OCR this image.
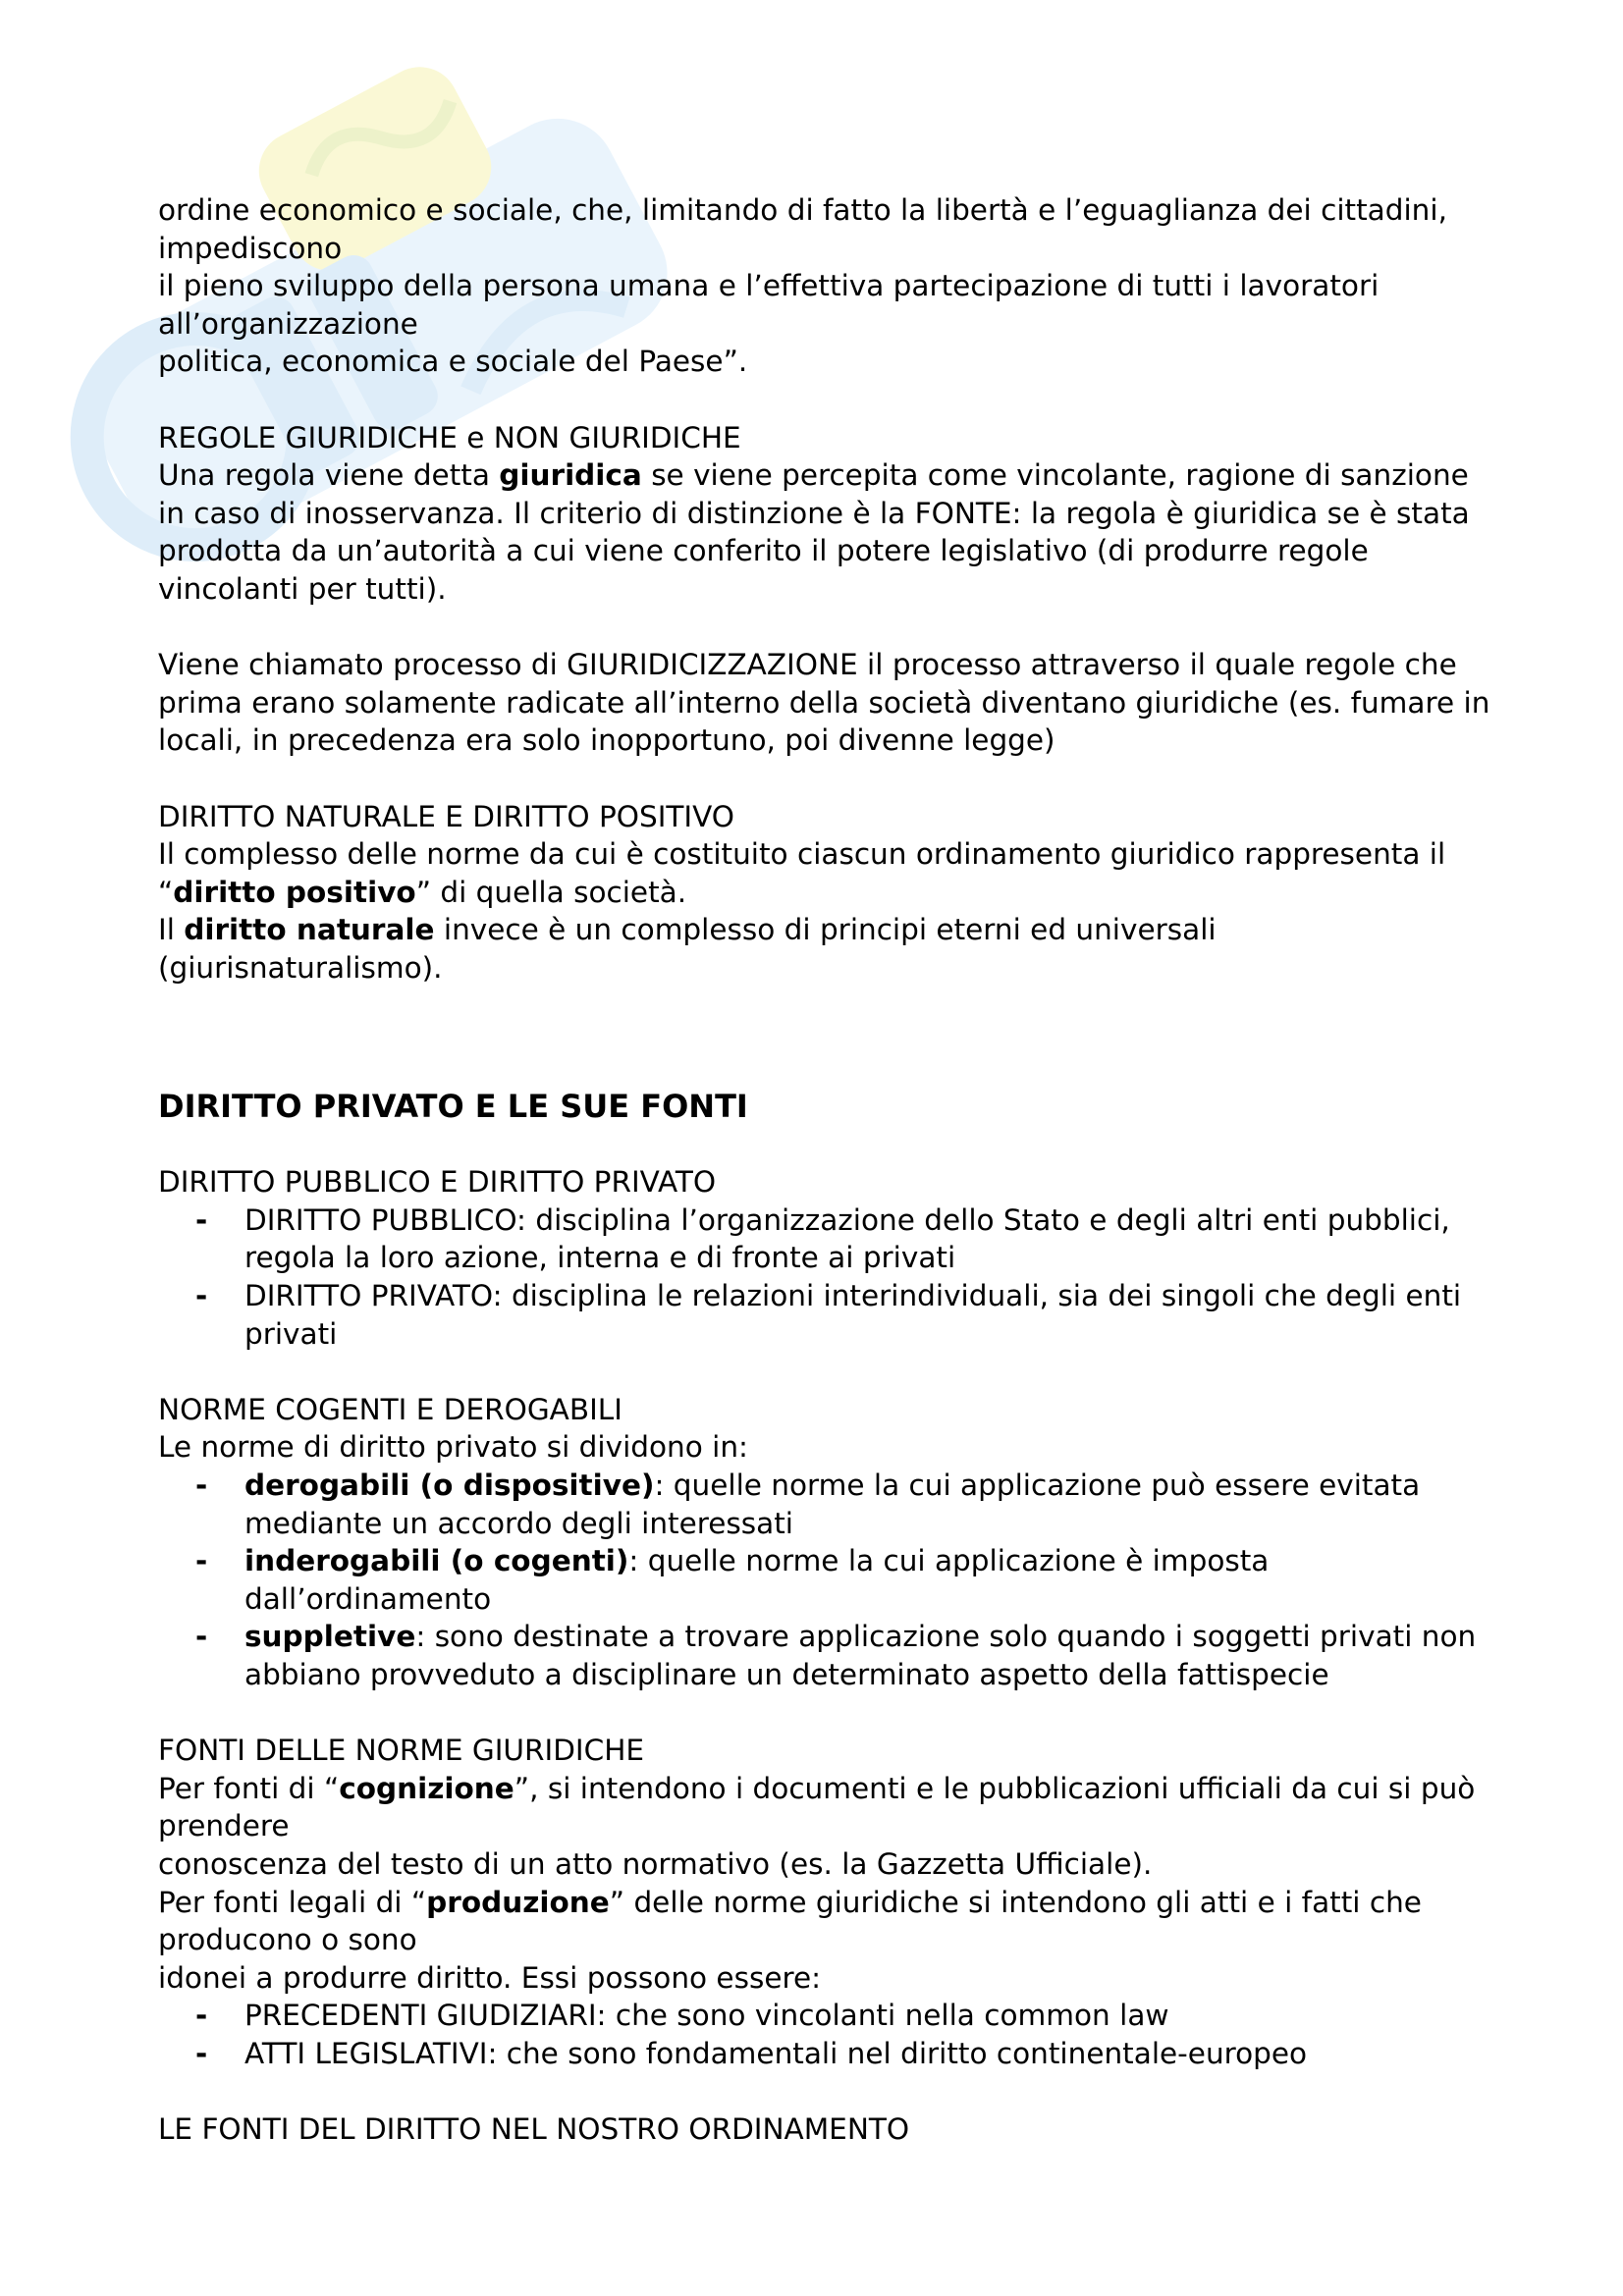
ordine economico e sociale, che, limitando di fatto la libertà e l’eguaglianza dei cittadini, impediscono

il pieno sviluppo della persona umana e l’effettiva partecipazione di tutti i lavoratori all’organizzazione

politica, economica e sociale del Paese”.

REGOLE GIURIDICHE e NON GIURIDICHE

Una regola viene detta giuridica se viene percepita come vincolante, ragione di sanzione in caso di inosservanza. Il criterio di distinzione è la FONTE: la regola è giuridica se è stata prodotta da un’autorità a cui viene conferito il potere legislativo (di produrre regole vincolanti per tutti).

Viene chiamato processo di GIURIDICIZZAZIONE il processo attraverso il quale regole che prima erano solamente radicate all’interno della società diventano giuridiche (es. fumare in locali, in precedenza era solo inopportuno, poi divenne legge)

DIRITTO NATURALE E DIRITTO POSITIVO

Il complesso delle norme da cui è costituito ciascun ordinamento giuridico rappresenta il “diritto positivo” di quella società.

Il diritto naturale invece è un complesso di principi eterni ed universali (giurisnaturalismo).

DIRITTO PRIVATO E LE SUE FONTI

DIRITTO PUBBLICO E DIRITTO PRIVATO

- DIRITTO PUBBLICO: disciplina l’organizzazione dello Stato e degli altri enti pubblici, regola la loro azione, interna e di fronte ai privati
- DIRITTO PRIVATO: disciplina le relazioni interindividuali, sia dei singoli che degli enti privati

NORME COGENTI E DEROGABILI

Le norme di diritto privato si dividono in:

- derogabili (o dispositive): quelle norme la cui applicazione può essere evitata mediante un accordo degli interessati
- inderogabili (o cogenti): quelle norme la cui applicazione è imposta dall’ordinamento
- suppletive: sono destinate a trovare applicazione solo quando i soggetti privati non abbiano provveduto a disciplinare un determinato aspetto della fattispecie

FONTI DELLE NORME GIURIDICHE

Per fonti di “cognizione”, si intendono i documenti e le pubblicazioni ufficiali da cui si può prendere

conoscenza del testo di un atto normativo (es. la Gazzetta Ufficiale).

Per fonti legali di “produzione” delle norme giuridiche si intendono gli atti e i fatti che producono o sono

idonei a produrre diritto. Essi possono essere:

- PRECEDENTI GIUDIZIARI: che sono vincolanti nella common law
- ATTI LEGISLATIVI: che sono fondamentali nel diritto continentale-europeo

LE FONTI DEL DIRITTO NEL NOSTRO ORDINAMENTO
